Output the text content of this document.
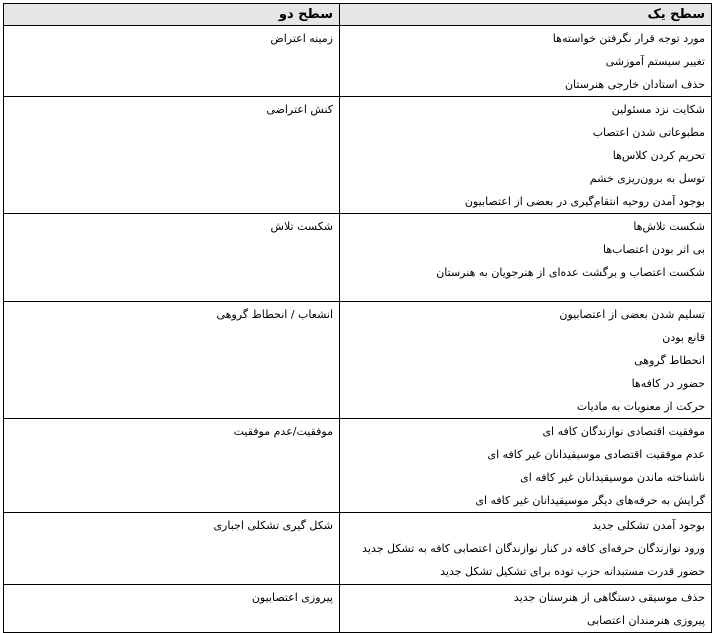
سطح یک	سطح دو

مورد توجه قرار نگرفتن خواسته‌ها
تغییر سیستم آموزشی
حذف استادان خارجی هنرستان	زمینه اعتراض

شکایت نزد مسئولین
مطبوعاتی شدن اعتصاب
تحریم کردن کلاس‌ها
توسل به برون‌ریزی خشم
بوجود آمدن روحیه انتقام‌گیری در بعضی از اعتصابیون	کنش اعتراضی

شکست تلاش‌ها
بی اثر بودن اعتصاب‌ها
شکست اعتصاب و برگشت عده‌ای از هنرجویان به هنرستان	شکست تلاش

تسلیم شدن بعضی از اعتصابیون
قانع بودن
انحطاط گروهی
حضور در کافه‌ها
حرکت از معنویات به مادیات	انشعاب / انحطاط گروهی

موفقیت اقتصادی نوازندگان کافه ای
عدم موفقیت اقتصادی موسیقیدانان غیر کافه ای
ناشناخته ماندن موسیقیدانان غیر کافه ای
گرایش به حرفه‌های دیگر موسیقیدانان غیر کافه ای	موفقیت/عدم موفقیت

بوجود آمدن تشکلی جدید
ورود نوازندگان حرفه‌ای کافه در کنار نوازندگان اعتصابی کافه به تشکل جدید
حضور قدرت مستبدانه حزب توده برای تشکیل تشکل جدید	شکل گیری تشکلی اجباری

حذف موسیقی دستگاهی از هنرستان جدید
پیروزی هنرمندان اعتصابی	پیروزی اعتصابیون
